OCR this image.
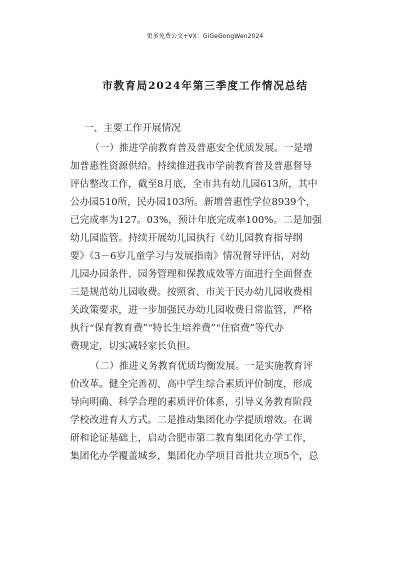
更多免费公文+VX：GiGeGongWen2024
市教育局2024年第三季度工作情况总结
一、主要工作开展情况
（一）推进学前教育普及普惠安全优质发展。一是增
加普惠性资源供给。持续推进我市学前教育普及普惠督导
评估整改工作，截至8月底，全市共有幼儿园613所，其中
公办园510所，民办园103所。新增普惠性学位8939个，
已完成率为127。03%，预计年底完成率100%。二是加强
幼儿园监管。持续开展幼儿园执行《幼儿园教育指导纲
要》《3－6岁儿童学习与发展指南》情况督导评估，对幼
儿园办园条件、园务管理和保教成效等方面进行全面督查
三是规范幼儿园收费。按照省、市关于民办幼儿园收费相
关政策要求，进一步加强民办幼儿园收费日常监管，严格
执行“保育教育费”“特长生培养费”“住宿费”等代办
费规定，切实减轻家长负担。
（二）推进义务教育优质均衡发展。一是实施教育评
价改革。健全完善初、高中学生综合素质评价制度，形成
导向明确、科学合理的素质评价体系，引导义务教育阶段
学校改进育人方式。二是推动集团化办学提质增效。在调
研和论证基础上，启动合肥市第二教育集团化办学工作，
集团化办学覆盖城乡，集团化办学项目首批共立项5个，总
